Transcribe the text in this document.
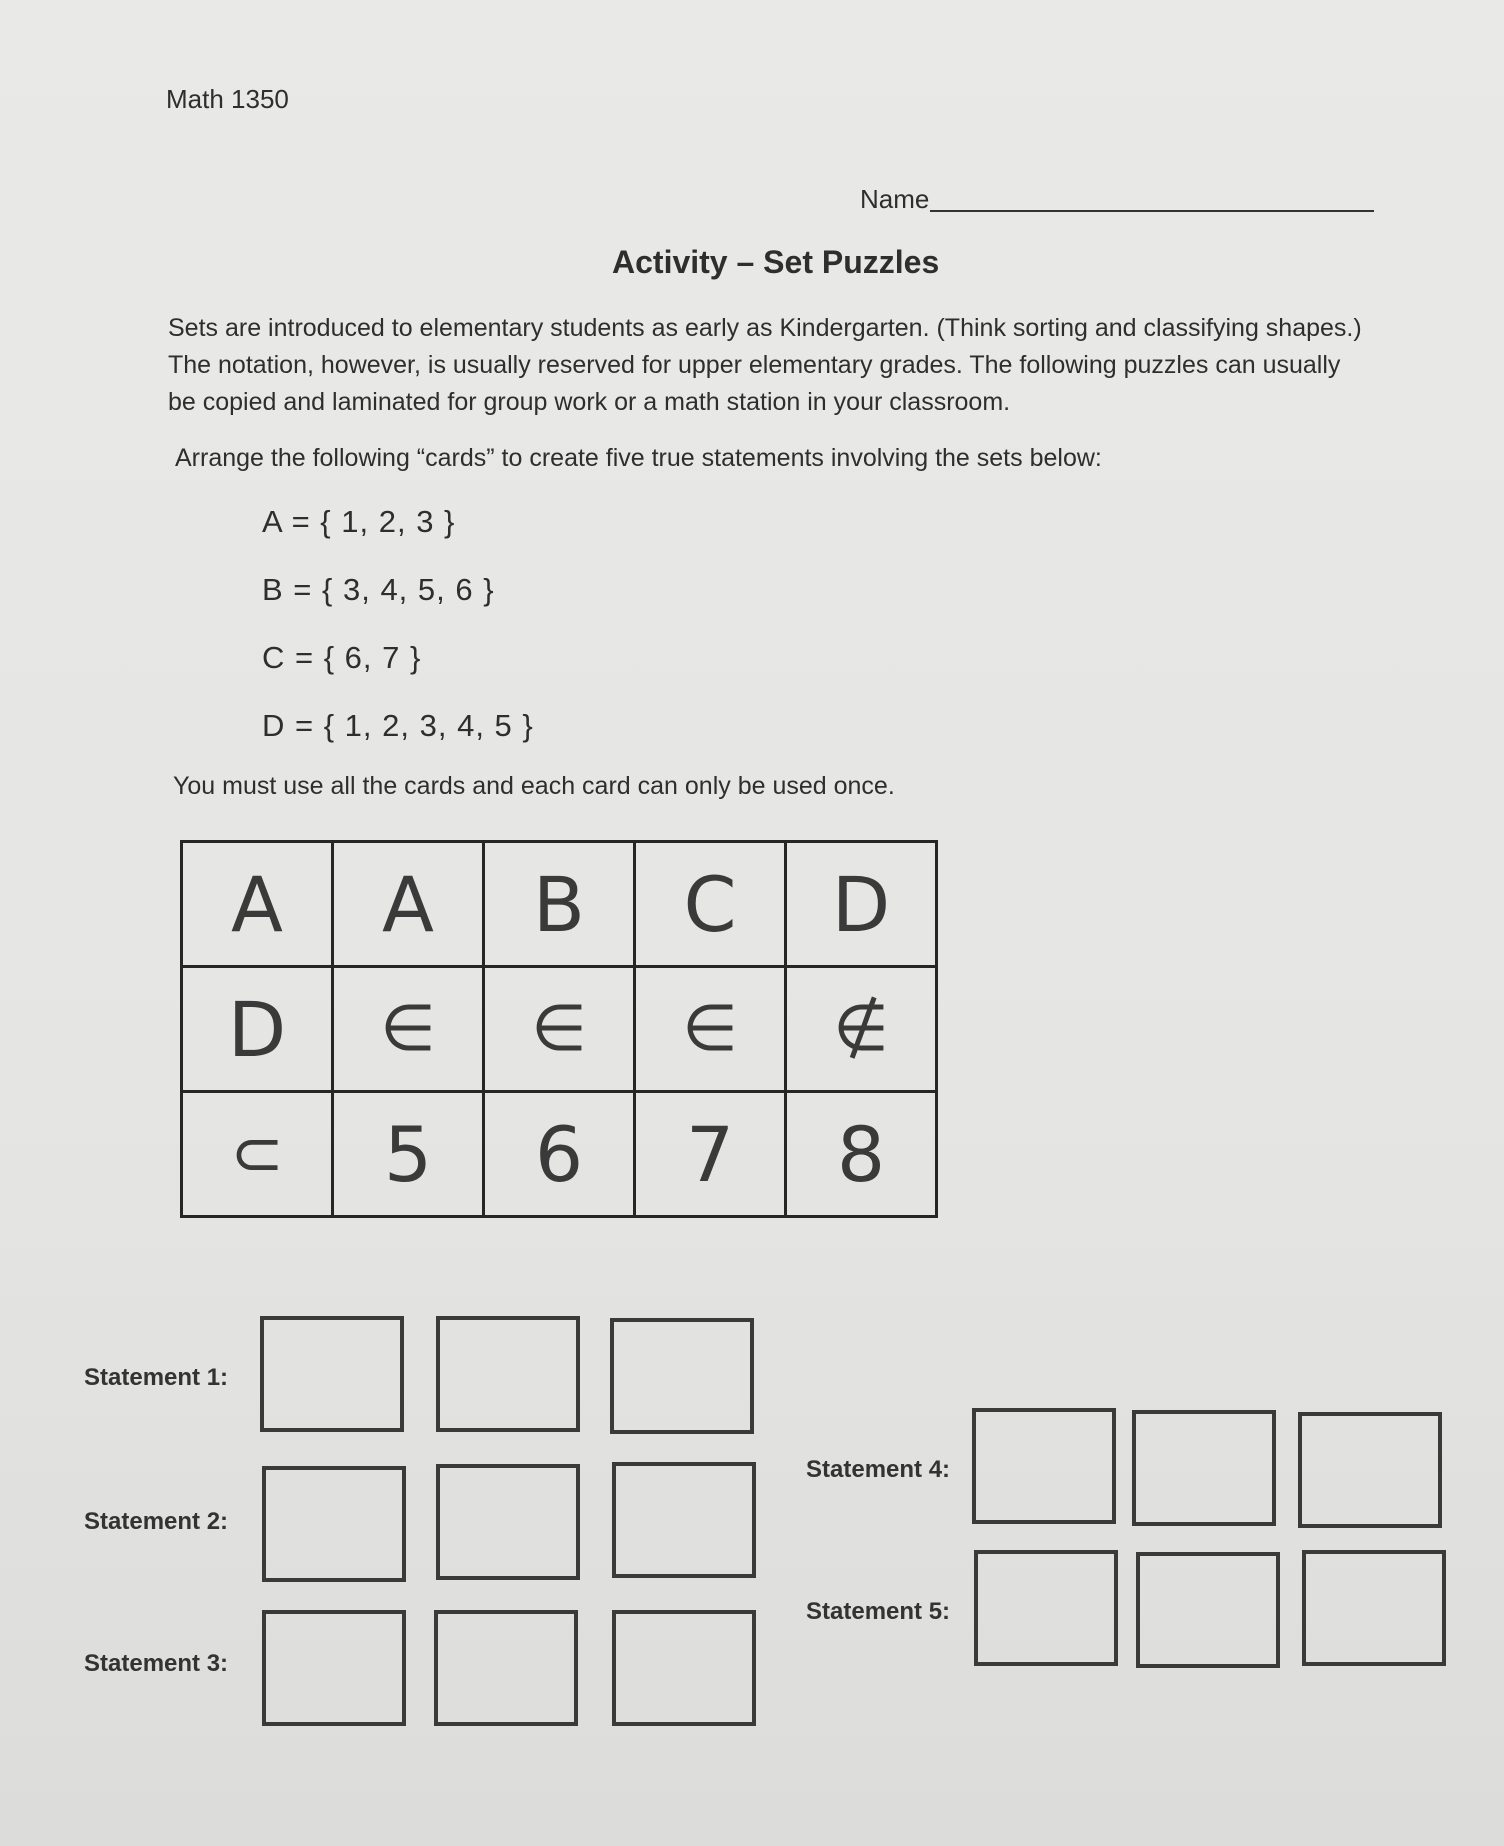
Math 1350
Name
Activity – Set Puzzles
Sets are introduced to elementary students as early as Kindergarten. (Think sorting and classifying shapes.) The notation, however, is usually reserved for upper elementary grades. The following puzzles can usually be copied and laminated for group work or a math station in your classroom.
Arrange the following “cards” to create five true statements involving the sets below:
A = { 1, 2, 3 }
B = { 3, 4, 5, 6 }
C = { 6, 7 }
D = { 1, 2, 3, 4, 5 }
You must use all the cards and each card can only be used once.
A	A	B	C	D
D	∈	∈	∈	∉
⊂	5	6	7	8
Statement 1:
Statement 2:
Statement 3:
Statement 4:
Statement 5:
